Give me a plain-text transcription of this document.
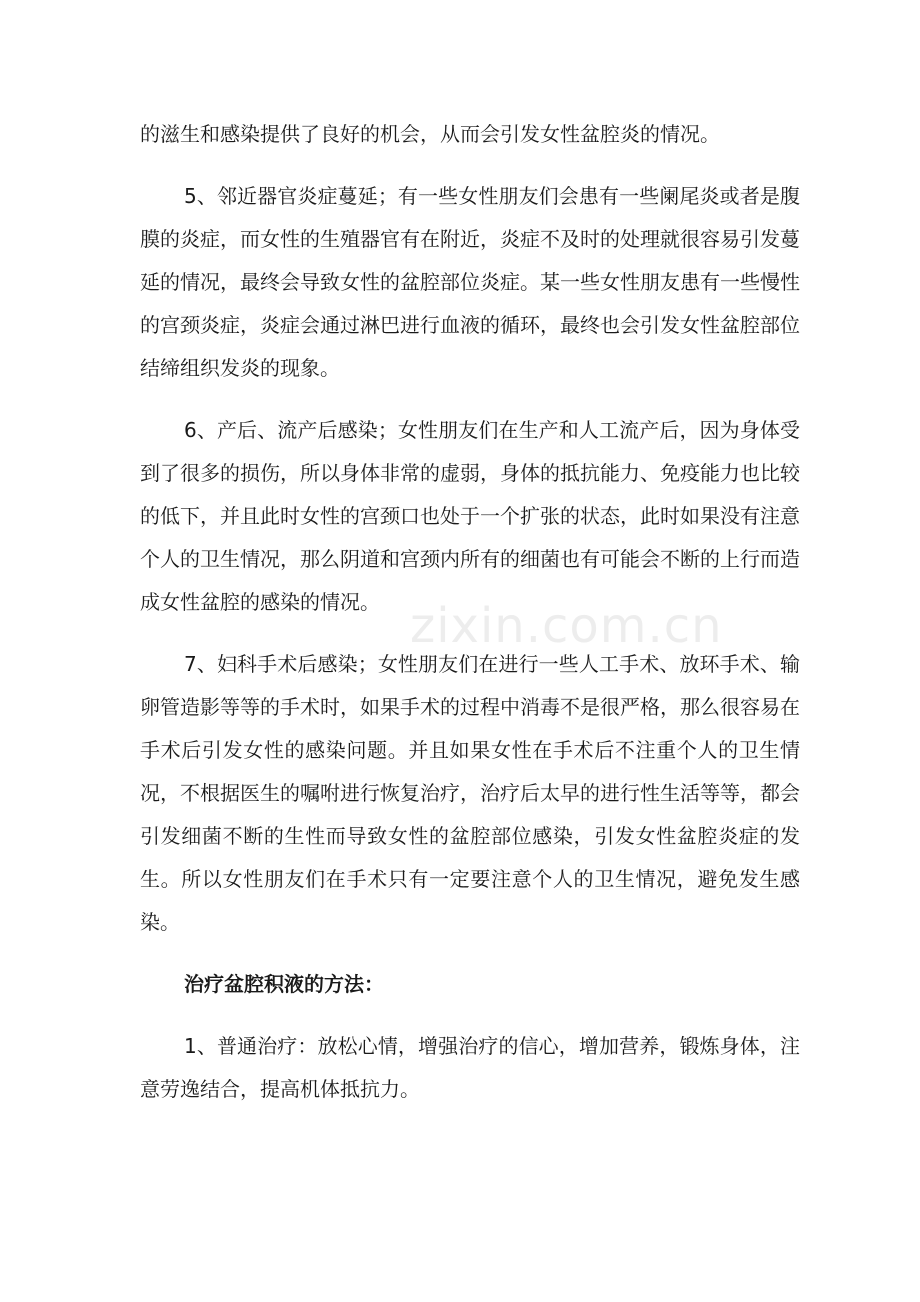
的滋生和感染提供了良好的机会，从而会引发女性盆腔炎的情况。

5、邻近器官炎症蔓延；有一些女性朋友们会患有一些阑尾炎或者是腹膜的炎症，而女性的生殖器官有在附近，炎症不及时的处理就很容易引发蔓延的情况，最终会导致女性的盆腔部位炎症。某一些女性朋友患有一些慢性的宫颈炎症，炎症会通过淋巴进行血液的循环，最终也会引发女性盆腔部位结缔组织发炎的现象。

6、产后、流产后感染；女性朋友们在生产和人工流产后，因为身体受到了很多的损伤，所以身体非常的虚弱，身体的抵抗能力、免疫能力也比较的低下，并且此时女性的宫颈口也处于一个扩张的状态，此时如果没有注意个人的卫生情况，那么阴道和宫颈内所有的细菌也有可能会不断的上行而造成女性盆腔的感染的情况。

7、妇科手术后感染；女性朋友们在进行一些人工手术、放环手术、输卵管造影等等的手术时，如果手术的过程中消毒不是很严格，那么很容易在手术后引发女性的感染问题。并且如果女性在手术后不注重个人的卫生情况，不根据医生的嘱咐进行恢复治疗，治疗后太早的进行性生活等等，都会引发细菌不断的生性而导致女性的盆腔部位感染，引发女性盆腔炎症的发生。所以女性朋友们在手术只有一定要注意个人的卫生情况，避免发生感染。

治疗盆腔积液的方法：

1、普通治疗：放松心情，增强治疗的信心，增加营养，锻炼身体，注意劳逸结合，提高机体抵抗力。

zixin.com.cn
